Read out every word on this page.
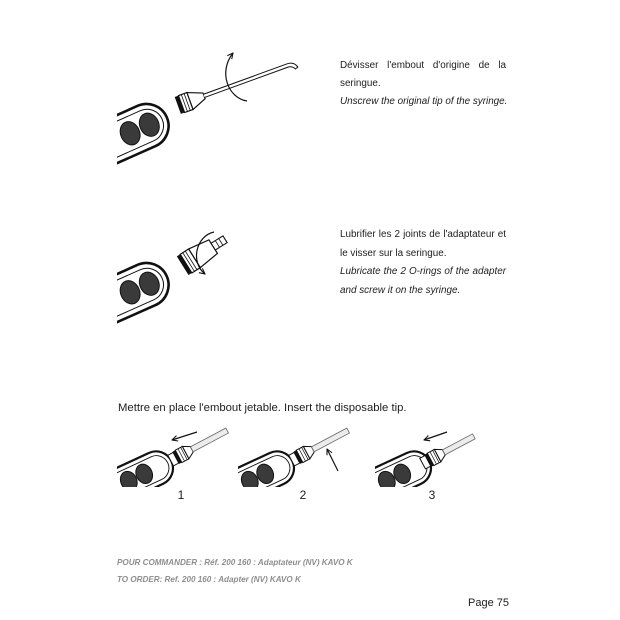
Dévisser l'embout d'origine de la
seringue.
Unscrew the original tip of the syringe.
Lubrifier les 2 joints de l'adaptateur et
le visser sur la seringue.
Lubricate the 2 O-rings of the adapter
and screw it on the syringe.
Mettre en place l'embout jetable. Insert the disposable tip.
1	2	3
POUR COMMANDER : Réf. 200 160 : Adaptateur (NV) KAVO K
TO ORDER: Ref. 200 160 : Adapter (NV) KAVO K
Page 75
